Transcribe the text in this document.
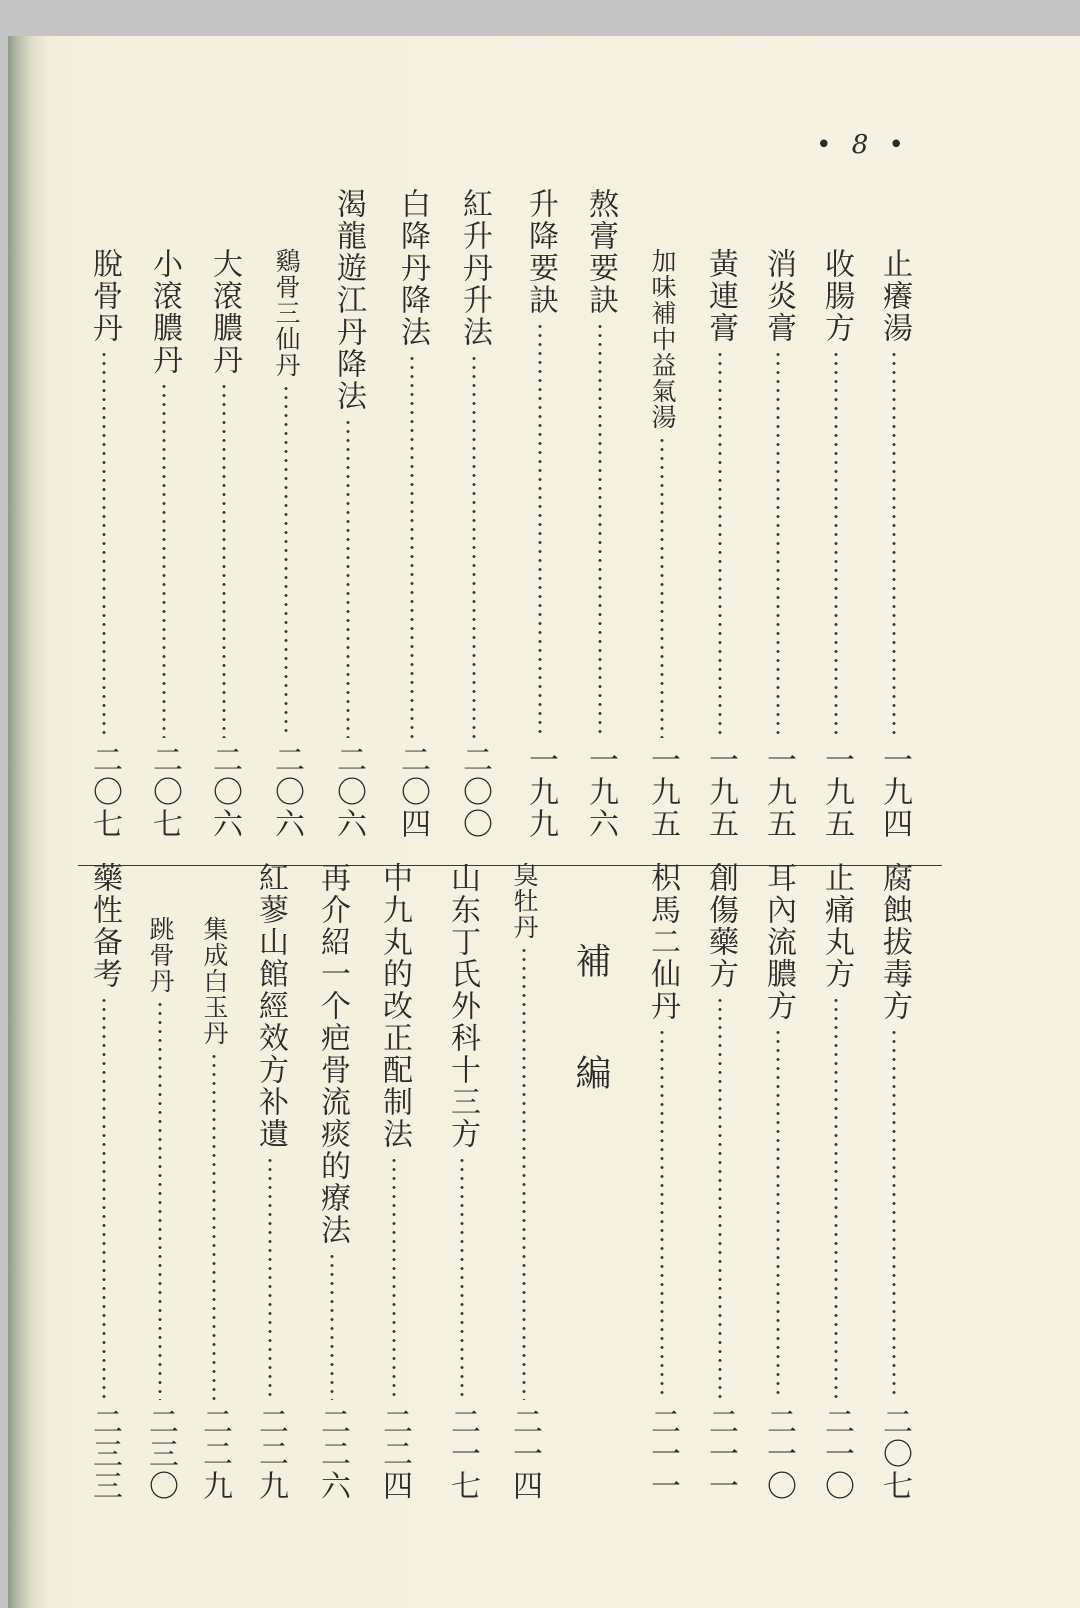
• 8 •
止癢湯
一九四
收腸方
一九五
消炎膏
一九五
黃連膏
一九五
加味補中益氣湯
一九五
熬膏要訣
一九六
升降要訣
一九九
紅升丹升法
二〇〇
白降丹降法
二〇四
渴龍遊江丹降法
二〇六
鷄骨三仙丹
二〇六
大滾膿丹
二〇六
小滾膿丹
二〇七
脫骨丹
二〇七
補編	腐蝕拔毒方
二〇七
止痛丸方
二一〇
耳內流膿方
二一〇
創傷藥方
二一一
枳馬二仙丹
二一一
臭牡丹
二一四
山东丁氏外科十三方
二一七
中九丸的改正配制法
二二四
再介紹一个疤骨流痰的療法
二二六
紅蓼山館經效方补遺
二二九
集成白玉丹
二二九
跳骨丹
二三〇
藥性备考
二三三
